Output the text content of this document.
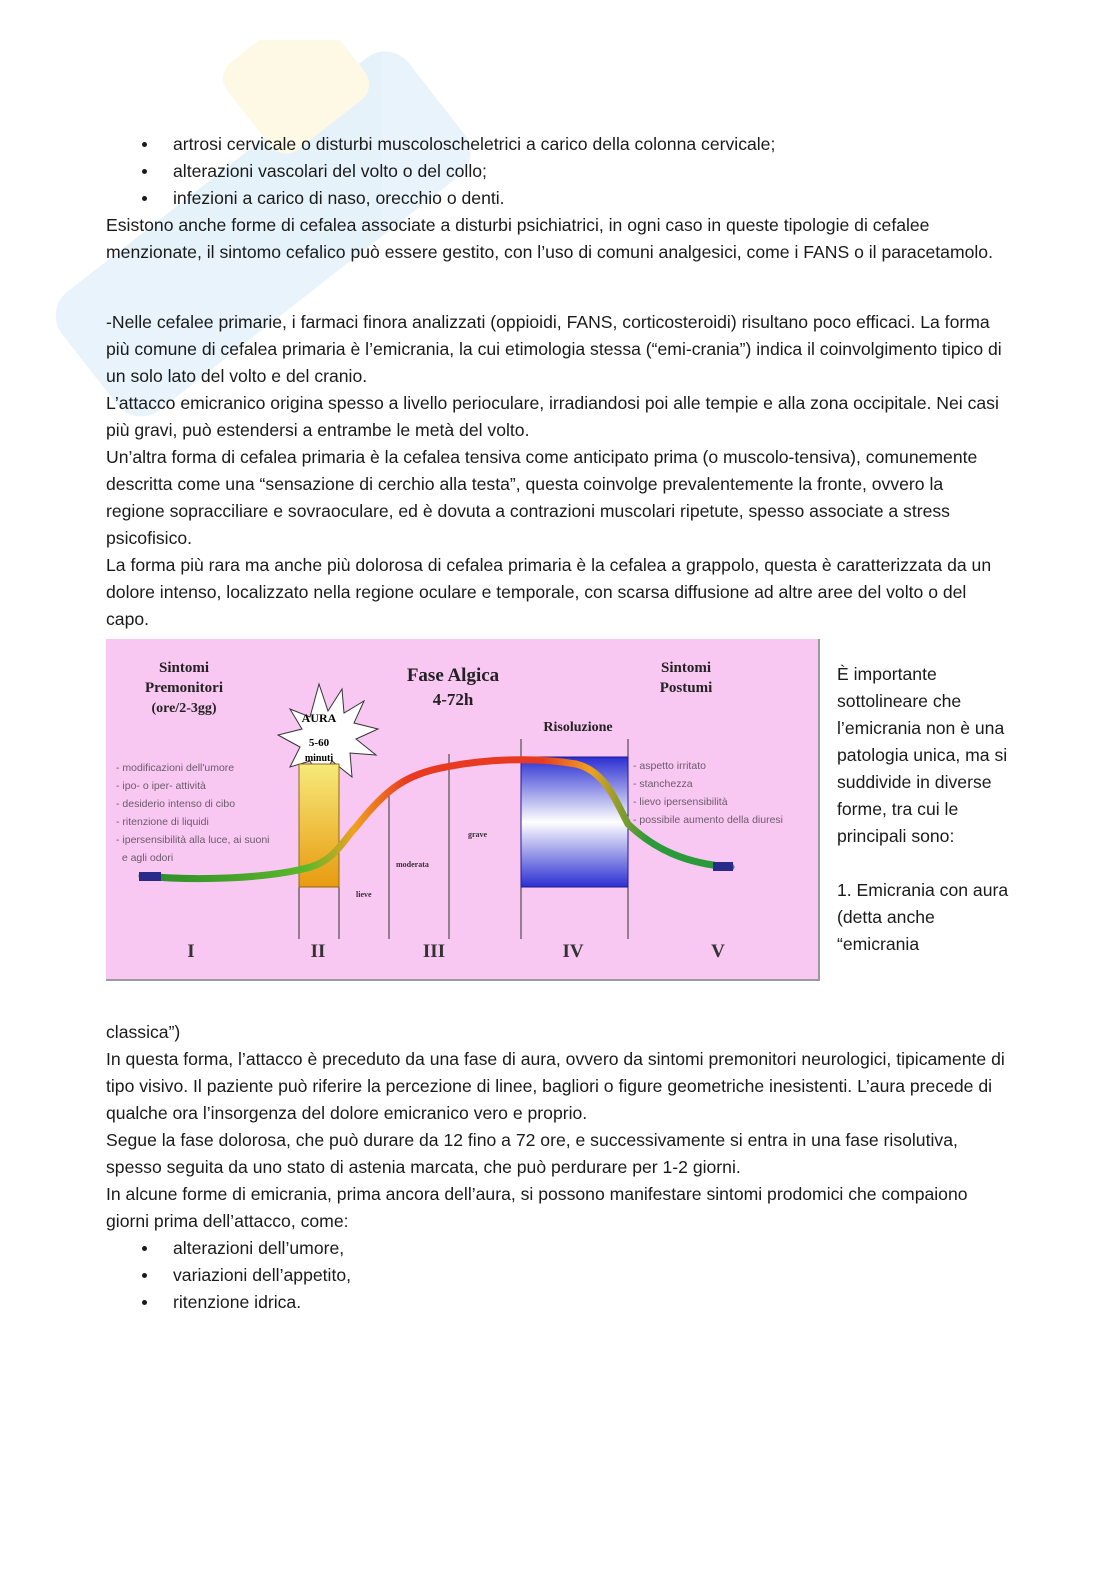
artrosi cervicale o disturbi muscoloscheletrici a carico della colonna cervicale;
alterazioni vascolari del volto o del collo;
infezioni a carico di naso, orecchio o denti.

Esistono anche forme di cefalea associate a disturbi psichiatrici, in ogni caso in queste tipologie di cefalee menzionate, il sintomo cefalico può essere gestito, con l’uso di comuni analgesici, come i FANS o il paracetamolo.

-Nelle cefalee primarie, i farmaci finora analizzati (oppioidi, FANS, corticosteroidi) risultano poco efficaci. La forma più comune di cefalea primaria è l’emicrania, la cui etimologia stessa (“emi-crania”) indica il coinvolgimento tipico di un solo lato del volto e del cranio.

L’attacco emicranico origina spesso a livello perioculare, irradiandosi poi alle tempie e alla zona occipitale. Nei casi più gravi, può estendersi a entrambe le metà del volto.

Un’altra forma di cefalea primaria è la cefalea tensiva come anticipato prima (o muscolo-tensiva), comunemente descritta come una “sensazione di cerchio alla testa”, questa coinvolge prevalentemente la fronte, ovvero la regione sopracciliare e sovraoculare, ed è dovuta a contrazioni muscolari ripetute, spesso associate a stress psicofisico.

La forma più rara ma anche più dolorosa di cefalea primaria è la cefalea a grappolo, questa è caratterizzata da un dolore intenso, localizzato nella regione oculare e temporale, con scarsa diffusione ad altre aree del volto o del capo.

AURA
5-60
minuti
Sintomi
Premonitori
(ore/2-3gg)
Fase Algica
4-72h
Sintomi
Postumi
Risoluzione
- modificazioni dell'umore
- ipo- o iper- attività
- desiderio intenso di cibo
- ritenzione di liquidi
- ipersensibilità alla luce, ai suoni
e agli odori
- aspetto irritato
- stanchezza
- lievo ipersensibilità
- possibile aumento della diuresi
lieve
moderata
grave
I	II	III	IV	V

È importante sottolineare che l’emicrania non è una patologia unica, ma si suddivide in diverse forme, tra cui le principali sono:

1. Emicrania con aura (detta anche “emicrania

classica”)

In questa forma, l’attacco è preceduto da una fase di aura, ovvero da sintomi premonitori neurologici, tipicamente di tipo visivo. Il paziente può riferire la percezione di linee, bagliori o figure geometriche inesistenti. L’aura precede di qualche ora l’insorgenza del dolore emicranico vero e proprio.

Segue la fase dolorosa, che può durare da 12 fino a 72 ore, e successivamente si entra in una fase risolutiva, spesso seguita da uno stato di astenia marcata, che può perdurare per 1-2 giorni.

In alcune forme di emicrania, prima ancora dell’aura, si possono manifestare sintomi prodomici che compaiono giorni prima dell’attacco, come:

alterazioni dell’umore,
variazioni dell’appetito,
ritenzione idrica.
